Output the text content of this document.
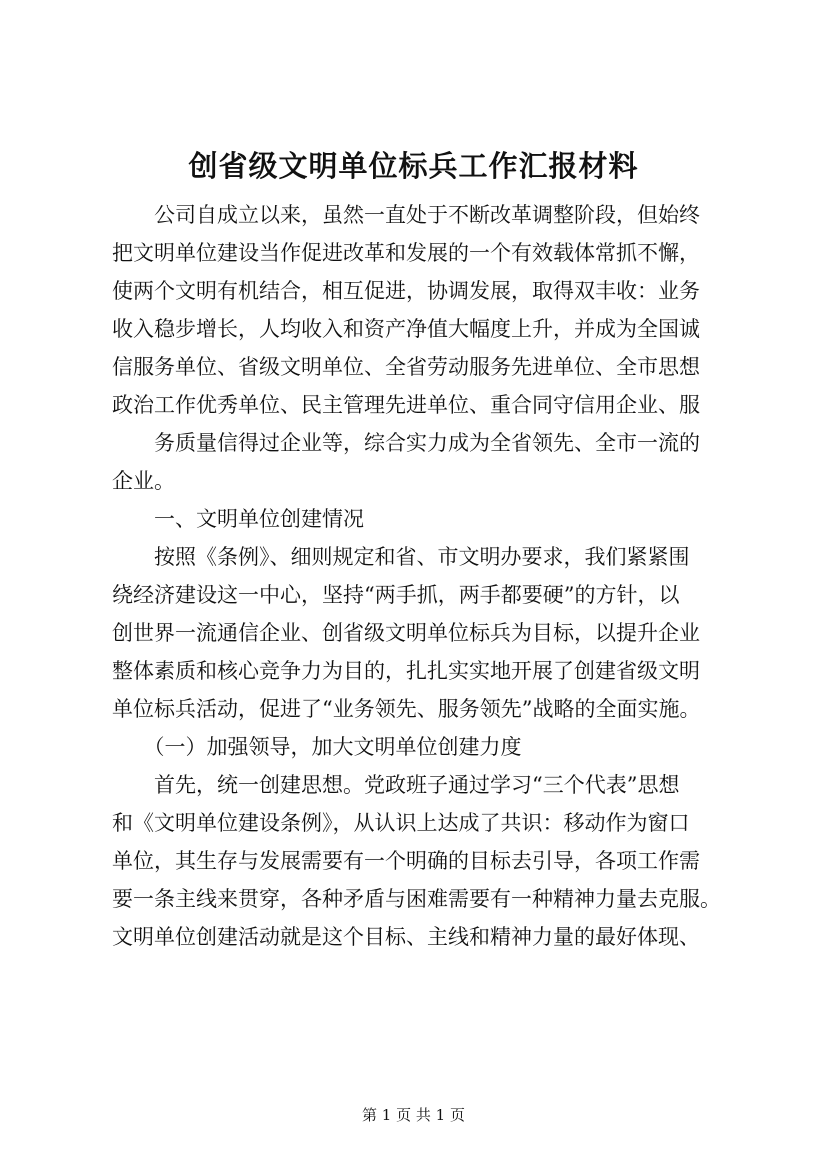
创省级文明单位标兵工作汇报材料
　　公司自成立以来，虽然一直处于不断改革调整阶段，但始终
把文明单位建设当作促进改革和发展的一个有效载体常抓不懈，
使两个文明有机结合，相互促进，协调发展，取得双丰收：业务
收入稳步增长，人均收入和资产净值大幅度上升，并成为全国诚
信服务单位、省级文明单位、全省劳动服务先进单位、全市思想
政治工作优秀单位、民主管理先进单位、重合同守信用企业、服
　　务质量信得过企业等，综合实力成为全省领先、全市一流的
企业。
　　一、文明单位创建情况
　　按照《条例》、细则规定和省、市文明办要求，我们紧紧围
绕经济建设这一中心，坚持“两手抓，两手都要硬”的方针，以
创世界一流通信企业、创省级文明单位标兵为目标，以提升企业
整体素质和核心竞争力为目的，扎扎实实地开展了创建省级文明
单位标兵活动，促进了“业务领先、服务领先”战略的全面实施。
　　（一）加强领导，加大文明单位创建力度
　　首先，统一创建思想。党政班子通过学习“三个代表”思想
和《文明单位建设条例》，从认识上达成了共识：移动作为窗口
单位，其生存与发展需要有一个明确的目标去引导，各项工作需
要一条主线来贯穿，各种矛盾与困难需要有一种精神力量去克服。
文明单位创建活动就是这个目标、主线和精神力量的最好体现、
第 1 页 共 1 页
